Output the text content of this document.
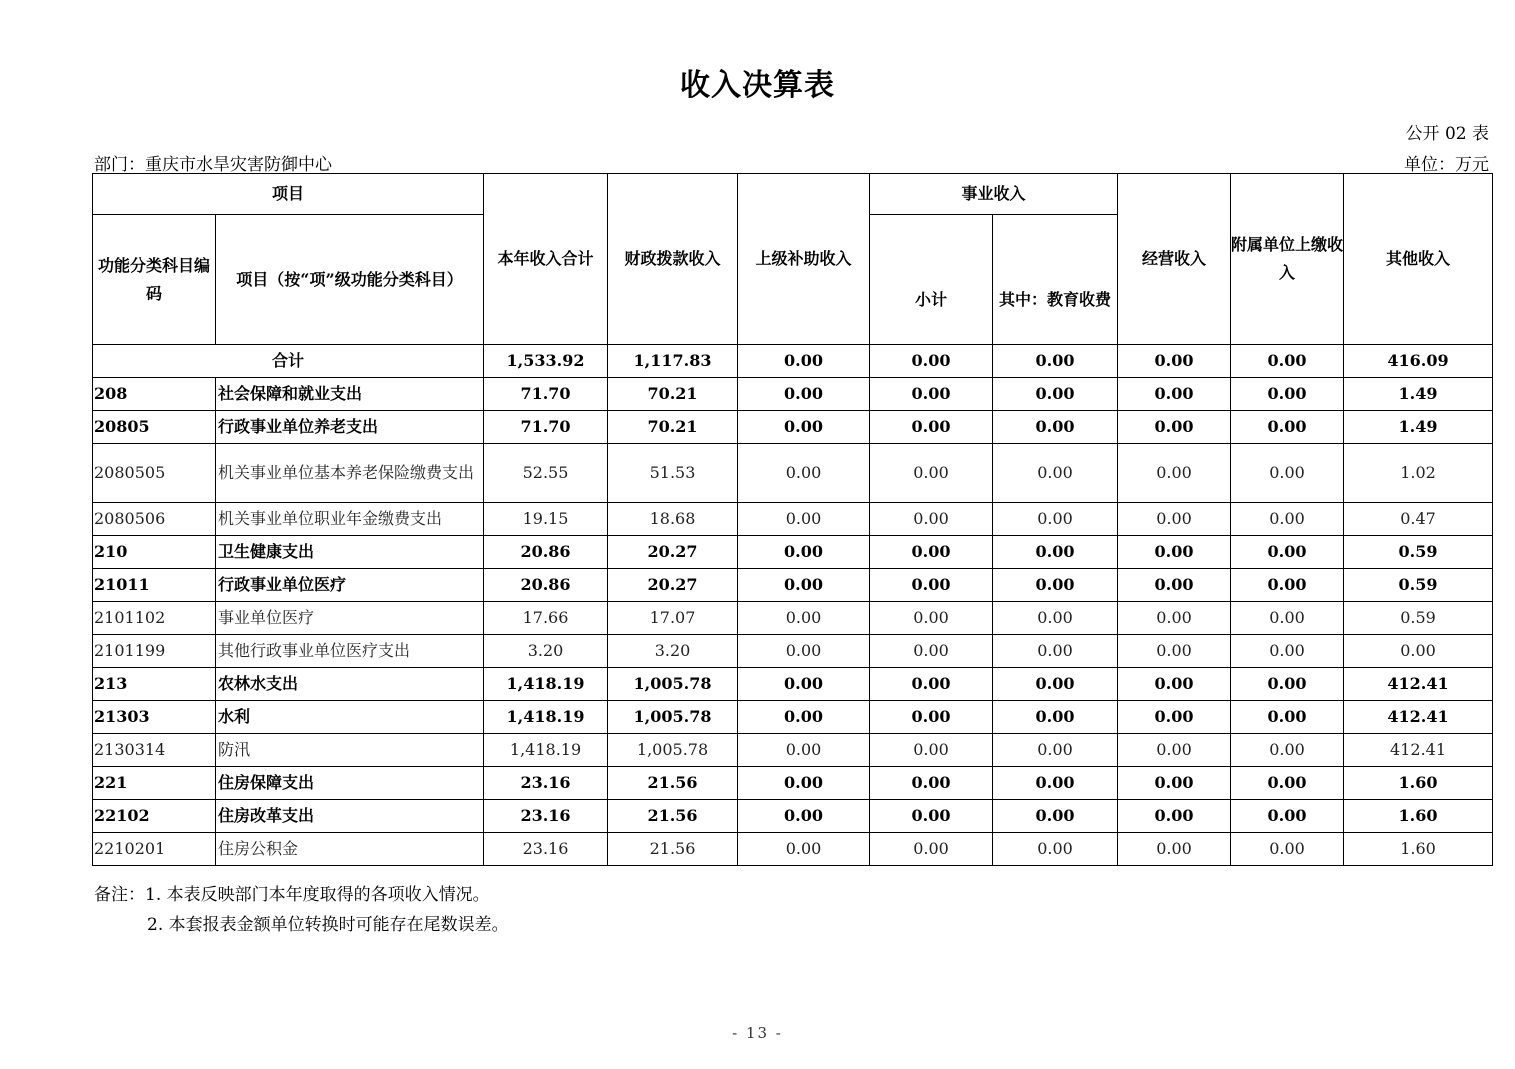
收入决算表
公开 02 表
部门：重庆市水旱灾害防御中心	单位：万元
项目		本年收入合计	财政拨款收入	上级补助收入	事业收入		经营收入	附属单位上缴收入	其他收入
功能分类科目编码	项目（按“项”级功能分类科目）				小计	其中：教育收费			
合计		1,533.92	1,117.83	0.00	0.00	0.00	0.00	0.00	416.09
208	社会保障和就业支出	71.70	70.21	0.00	0.00	0.00	0.00	0.00	1.49
20805	行政事业单位养老支出	71.70	70.21	0.00	0.00	0.00	0.00	0.00	1.49
2080505	机关事业单位基本养老保险缴费支出	52.55	51.53	0.00	0.00	0.00	0.00	0.00	1.02
2080506	机关事业单位职业年金缴费支出	19.15	18.68	0.00	0.00	0.00	0.00	0.00	0.47
210	卫生健康支出	20.86	20.27	0.00	0.00	0.00	0.00	0.00	0.59
21011	行政事业单位医疗	20.86	20.27	0.00	0.00	0.00	0.00	0.00	0.59
2101102	事业单位医疗	17.66	17.07	0.00	0.00	0.00	0.00	0.00	0.59
2101199	其他行政事业单位医疗支出	3.20	3.20	0.00	0.00	0.00	0.00	0.00	0.00
213	农林水支出	1,418.19	1,005.78	0.00	0.00	0.00	0.00	0.00	412.41
21303	水利	1,418.19	1,005.78	0.00	0.00	0.00	0.00	0.00	412.41
2130314	防汛	1,418.19	1,005.78	0.00	0.00	0.00	0.00	0.00	412.41
221	住房保障支出	23.16	21.56	0.00	0.00	0.00	0.00	0.00	1.60
22102	住房改革支出	23.16	21.56	0.00	0.00	0.00	0.00	0.00	1.60
2210201	住房公积金	23.16	21.56	0.00	0.00	0.00	0.00	0.00	1.60
备注：1. 本表反映部门本年度取得的各项收入情况。
2. 本套报表金额单位转换时可能存在尾数误差。
- 13 -
